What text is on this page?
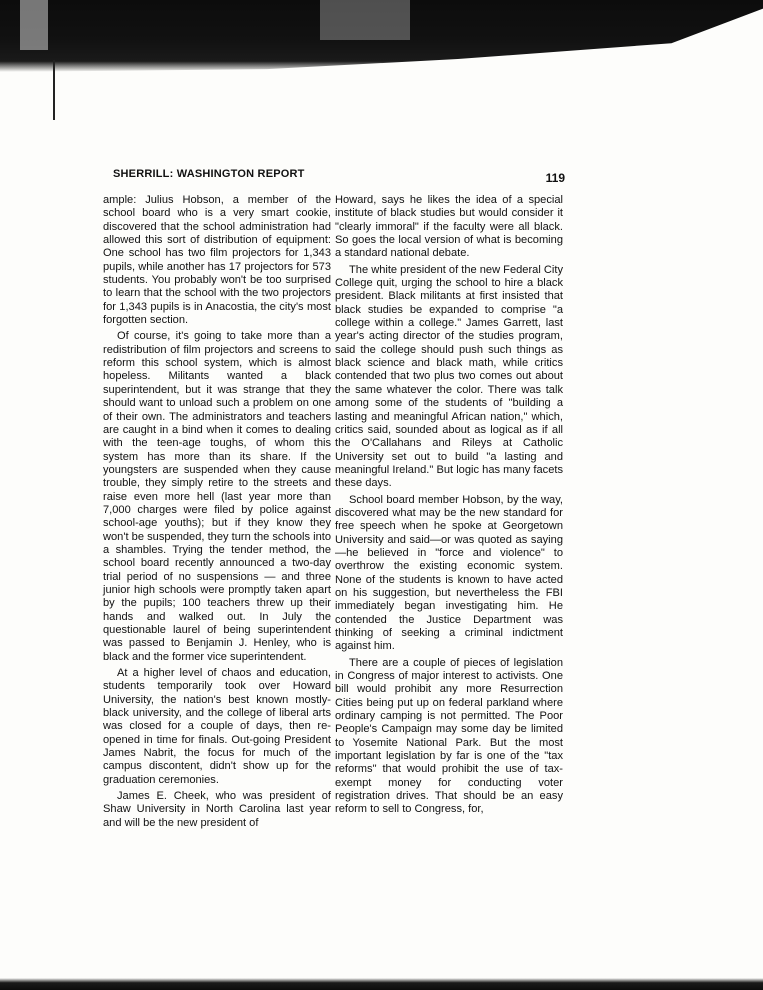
SHERRILL: WASHINGTON REPORT	119

ample: Julius Hobson, a member of the school board who is a very smart cookie, discovered that the school administration had allowed this sort of distribution of equipment: One school has two film projectors for 1,343 pupils, while another has 17 projectors for 573 students. You probably won't be too surprised to learn that the school with the two projectors for 1,343 pupils is in Anacostia, the city's most forgotten section.

Of course, it's going to take more than a redistribution of film projectors and screens to reform this school system, which is almost hopeless. Militants wanted a black superintendent, but it was strange that they should want to unload such a problem on one of their own. The administrators and teachers are caught in a bind when it comes to dealing with the teen-age toughs, of whom this system has more than its share. If the youngsters are suspended when they cause trouble, they simply retire to the streets and raise even more hell (last year more than 7,000 charges were filed by police against school-age youths); but if they know they won't be suspended, they turn the schools into a shambles. Trying the tender method, the school board recently announced a two-day trial period of no suspensions — and three junior high schools were promptly taken apart by the pupils; 100 teachers threw up their hands and walked out. In July the questionable laurel of being superintendent was passed to Benjamin J. Henley, who is black and the former vice superintendent.

At a higher level of chaos and education, students temporarily took over Howard University, the nation's best known mostly-black university, and the college of liberal arts was closed for a couple of days, then re-opened in time for finals. Out-going President James Nabrit, the focus for much of the campus discontent, didn't show up for the graduation ceremonies.

James E. Cheek, who was president of Shaw University in North Carolina last year and will be the new president of

Howard, says he likes the idea of a special institute of black studies but would consider it "clearly immoral" if the faculty were all black. So goes the local version of what is becoming a standard national debate.

The white president of the new Federal City College quit, urging the school to hire a black president. Black militants at first insisted that black studies be expanded to comprise "a college within a college." James Garrett, last year's acting director of the studies program, said the college should push such things as black science and black math, while critics contended that two plus two comes out about the same whatever the color. There was talk among some of the students of "building a lasting and meaningful African nation," which, critics said, sounded about as logical as if all the O'Callahans and Rileys at Catholic University set out to build "a lasting and meaningful Ireland." But logic has many facets these days.

School board member Hobson, by the way, discovered what may be the new standard for free speech when he spoke at Georgetown University and said—or was quoted as saying—he believed in "force and violence" to overthrow the existing economic system. None of the students is known to have acted on his suggestion, but nevertheless the FBI immediately began investigating him. He contended the Justice Department was thinking of seeking a criminal indictment against him.

There are a couple of pieces of legislation in Congress of major interest to activists. One bill would prohibit any more Resurrection Cities being put up on federal parkland where ordinary camping is not permitted. The Poor People's Campaign may some day be limited to Yosemite National Park. But the most important legislation by far is one of the "tax reforms" that would prohibit the use of tax-exempt money for conducting voter registration drives. That should be an easy reform to sell to Congress, for,
